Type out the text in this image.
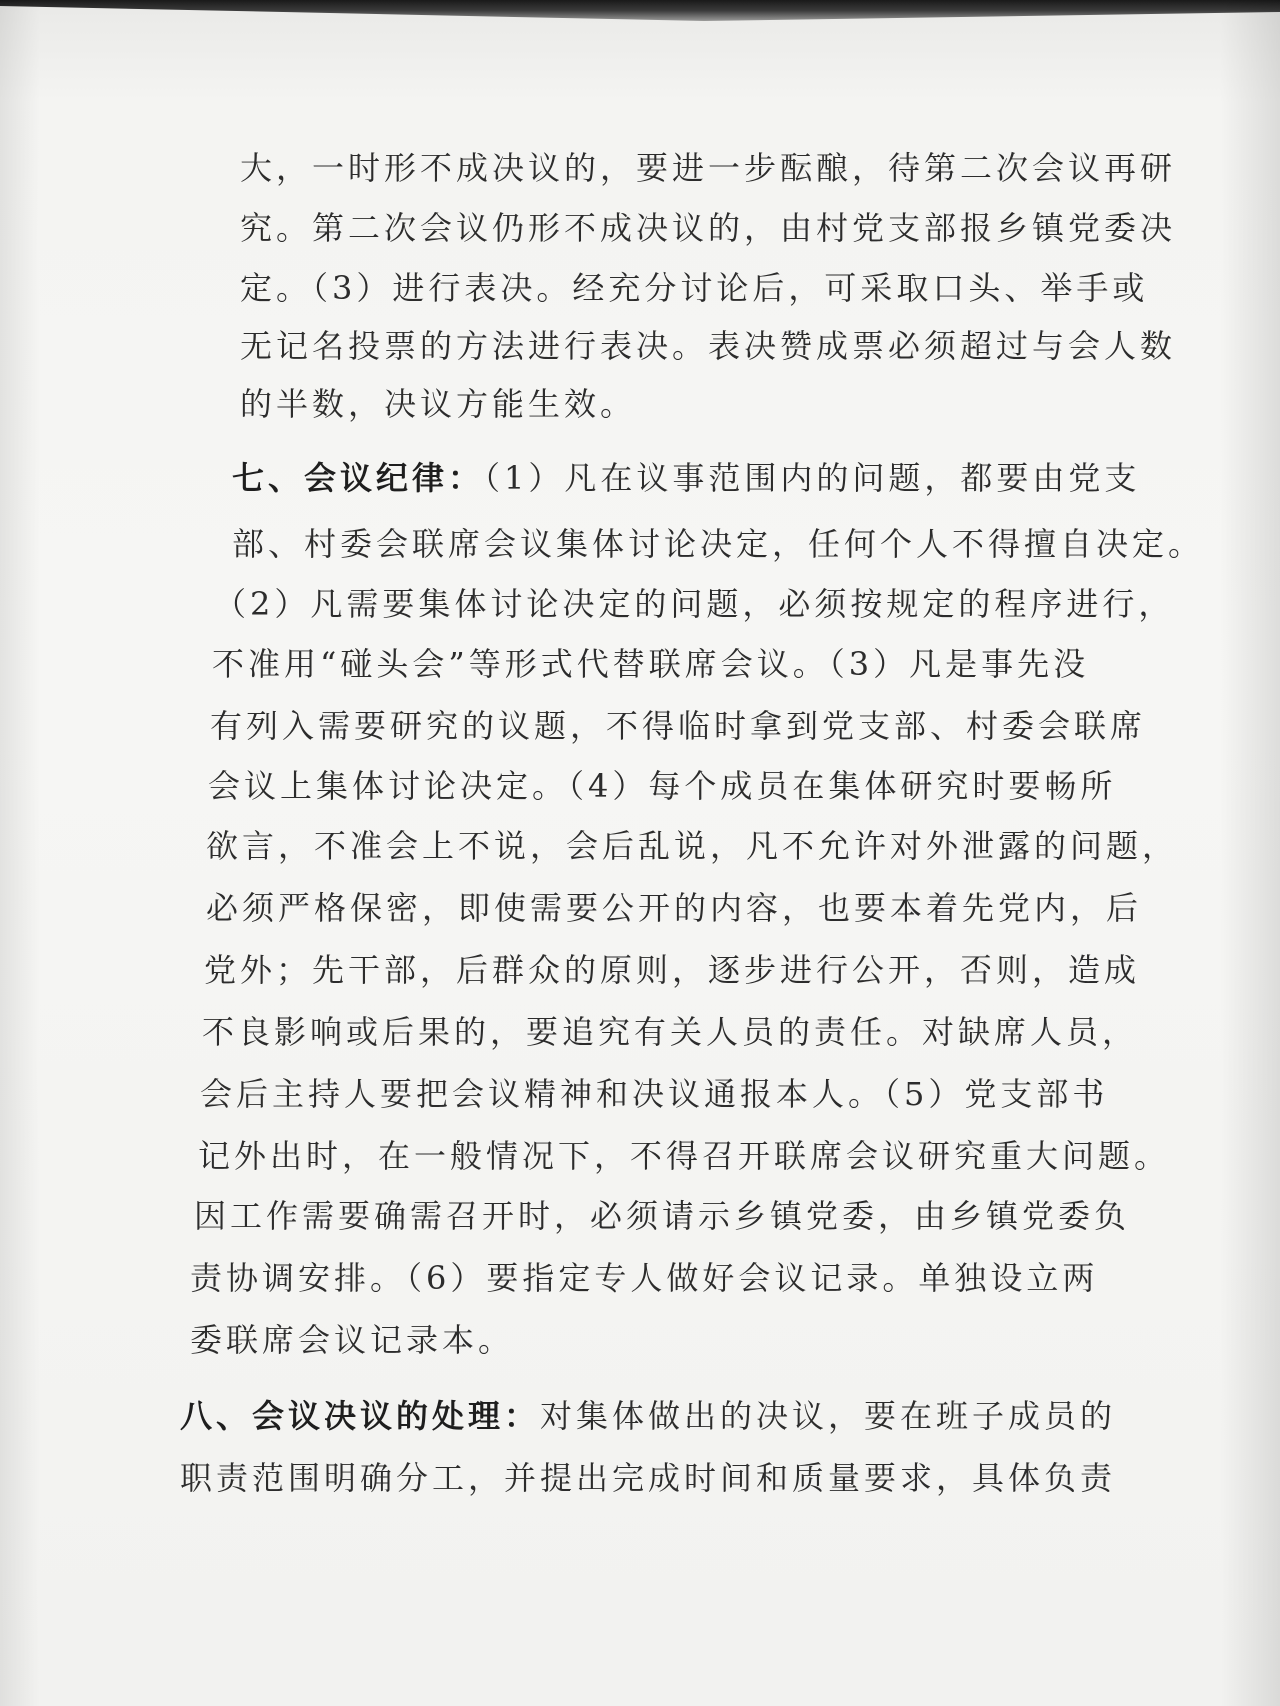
大，一时形不成决议的，要进一步酝酿，待第二次会议再研
究。第二次会议仍形不成决议的，由村党支部报乡镇党委决
定。（3）进行表决。经充分讨论后，可采取口头、举手或
无记名投票的方法进行表决。表决赞成票必须超过与会人数
的半数，决议方能生效。
七、会议纪律：（1）凡在议事范围内的问题，都要由党支
部、村委会联席会议集体讨论决定，任何个人不得擅自决定。
（2）凡需要集体讨论决定的问题，必须按规定的程序进行，
不准用“碰头会”等形式代替联席会议。（3）凡是事先没
有列入需要研究的议题，不得临时拿到党支部、村委会联席
会议上集体讨论决定。（4）每个成员在集体研究时要畅所
欲言，不准会上不说，会后乱说，凡不允许对外泄露的问题，
必须严格保密，即使需要公开的内容，也要本着先党内，后
党外；先干部，后群众的原则，逐步进行公开，否则，造成
不良影响或后果的，要追究有关人员的责任。对缺席人员，
会后主持人要把会议精神和决议通报本人。（5）党支部书
记外出时，在一般情况下，不得召开联席会议研究重大问题。
因工作需要确需召开时，必须请示乡镇党委，由乡镇党委负
责协调安排。（6）要指定专人做好会议记录。单独设立两
委联席会议记录本。
八、会议决议的处理：对集体做出的决议，要在班子成员的
职责范围明确分工，并提出完成时间和质量要求，具体负责
